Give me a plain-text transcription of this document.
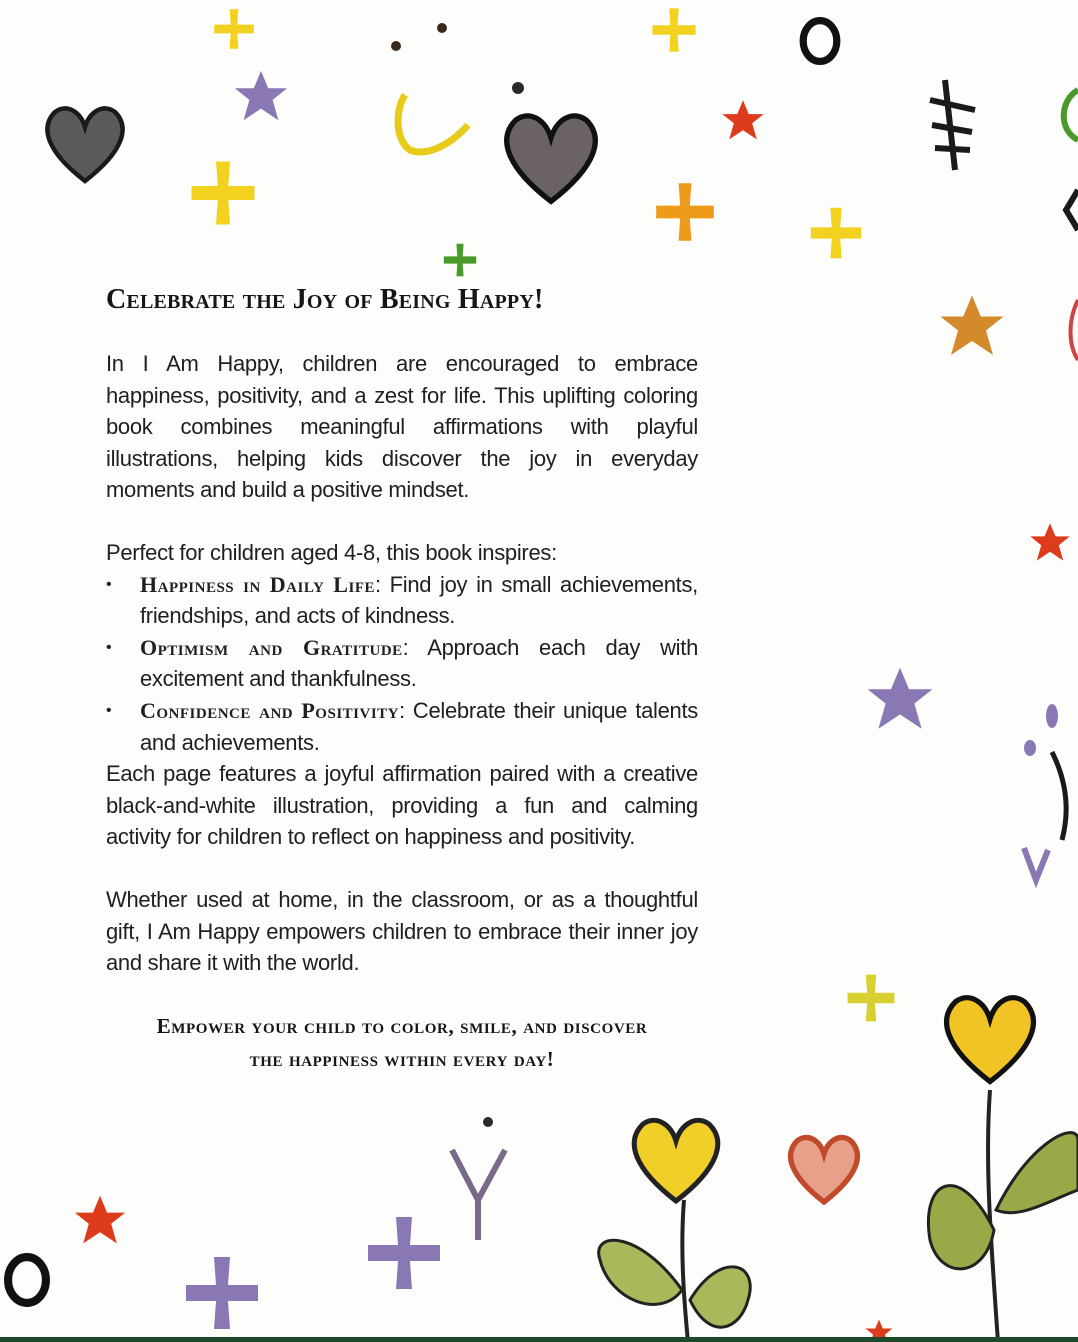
Celebrate the Joy of Being Happy!

In I Am Happy, children are encouraged to embrace happiness, positivity, and a zest for life. This uplifting coloring book combines meaningful affirmations with playful illustrations, helping kids discover the joy in everyday moments and build a positive mindset.

Perfect for children aged 4-8, this book inspires:

• Happiness in Daily Life: Find joy in small achievements, friendships, and acts of kindness.
• Optimism and Gratitude: Approach each day with excitement and thankfulness.
• Confidence and Positivity: Celebrate their unique talents and achievements.

Each page features a joyful affirmation paired with a creative black-and-white illustration, providing a fun and calming activity for children to reflect on happiness and positivity.

Whether used at home, in the classroom, or as a thoughtful gift, I Am Happy empowers children to embrace their inner joy and share it with the world.

Empower your child to color, smile, and discover
the happiness within every day!
